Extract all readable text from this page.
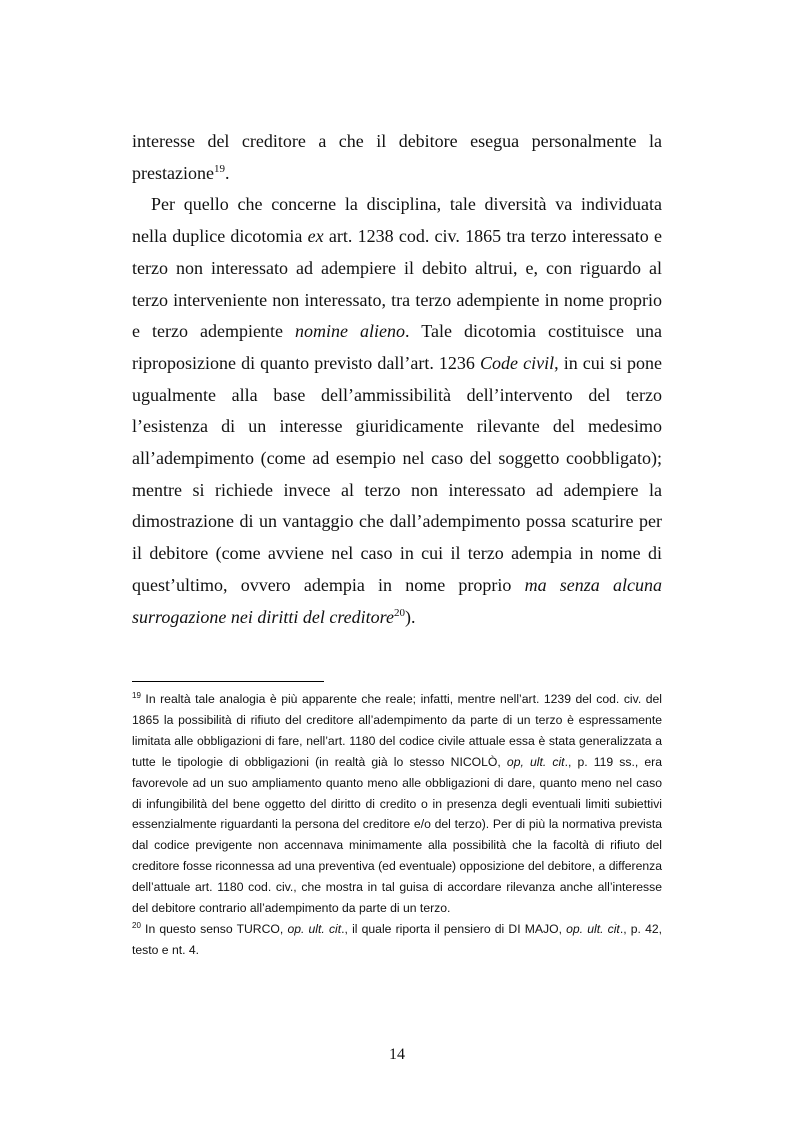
interesse del creditore a che il debitore esegua personalmente la prestazione$^{19}$.

Per quello che concerne la disciplina, tale diversità va individuata nella duplice dicotomia ex art. 1238 cod. civ. 1865 tra terzo interessato e terzo non interessato ad adempiere il debito altrui, e, con riguardo al terzo interveniente non interessato, tra terzo adempiente in nome proprio e terzo adempiente nomine alieno. Tale dicotomia costituisce una riproposizione di quanto previsto dall’art. 1236 Code civil, in cui si pone ugualmente alla base dell’ammissibilità dell’intervento del terzo l’esistenza di un interesse giuridicamente rilevante del medesimo all’adempimento (come ad esempio nel caso del soggetto coobbligato); mentre si richiede invece al terzo non interessato ad adempiere la dimostrazione di un vantaggio che dall’adempimento possa scaturire per il debitore (come avviene nel caso in cui il terzo adempia in nome di quest’ultimo, ovvero adempia in nome proprio ma senza alcuna surrogazione nei diritti del creditore$^{20}$).

$^{19}$ In realtà tale analogia è più apparente che reale; infatti, mentre nell’art. 1239 del cod. civ. del 1865 la possibilità di rifiuto del creditore all’adempimento da parte di un terzo è espressamente limitata alle obbligazioni di fare, nell’art. 1180 del codice civile attuale essa è stata generalizzata a tutte le tipologie di obbligazioni (in realtà già lo stesso NICOLÒ, op, ult. cit., p. 119 ss., era favorevole ad un suo ampliamento quanto meno alle obbligazioni di dare, quanto meno nel caso di infungibilità del bene oggetto del diritto di credito o in presenza degli eventuali limiti subiettivi essenzialmente riguardanti la persona del creditore e/o del terzo). Per di più la normativa prevista dal codice previgente non accennava minimamente alla possibilità che la facoltà di rifiuto del creditore fosse riconnessa ad una preventiva (ed eventuale) opposizione del debitore, a differenza dell’attuale art. 1180 cod. civ., che mostra in tal guisa di accordare rilevanza anche all’interesse del debitore contrario all’adempimento da parte di un terzo.

$^{20}$ In questo senso TURCO, op. ult. cit., il quale riporta il pensiero di DI MAJO, op. ult. cit., p. 42, testo e nt. 4.

14
